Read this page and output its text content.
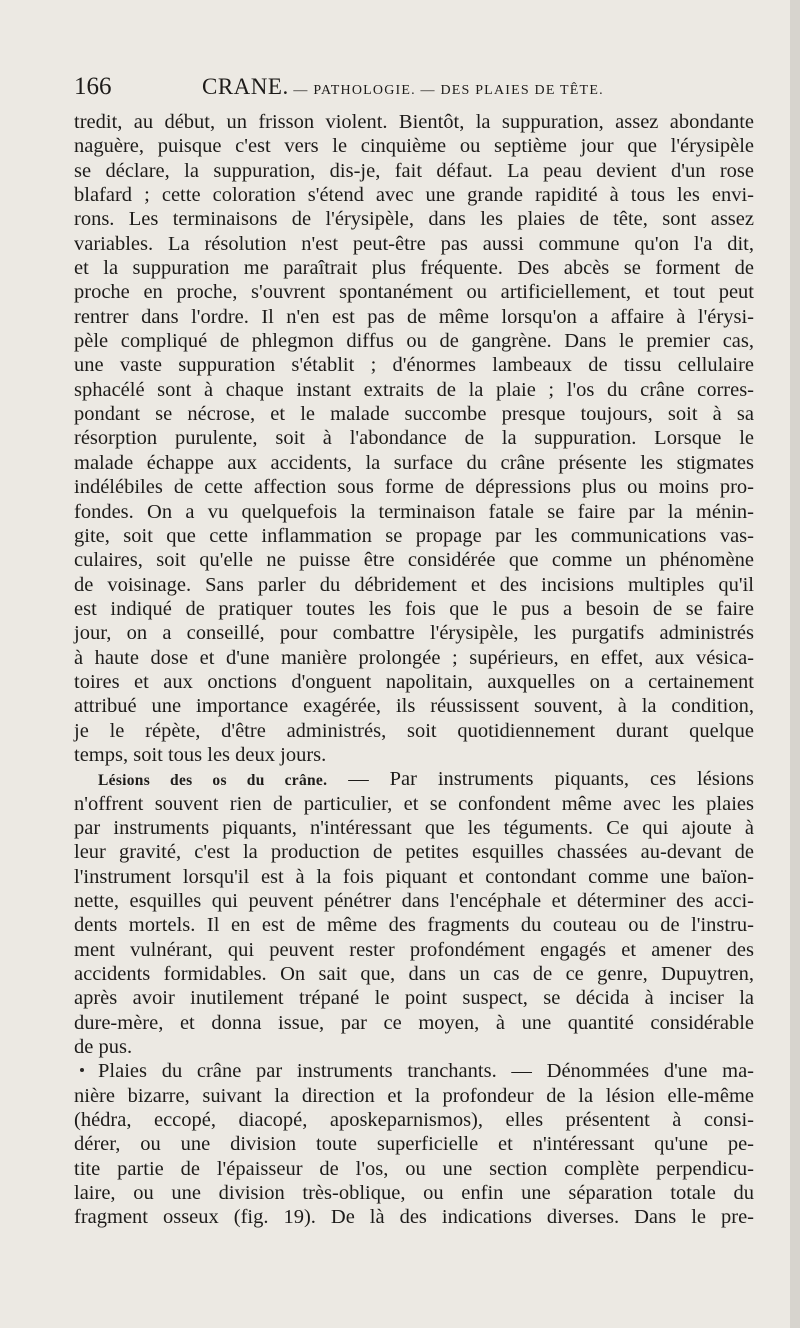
166	CRANE. — PATHOLOGIE. — DES PLAIES DE TÊTE.
tredit, au début, un frisson violent. Bientôt, la suppuration, assez abondante
naguère, puisque c'est vers le cinquième ou septième jour que l'érysipèle
se déclare, la suppuration, dis-je, fait défaut. La peau devient d'un rose
blafard ; cette coloration s'étend avec une grande rapidité à tous les envi-
rons. Les terminaisons de l'érysipèle, dans les plaies de tête, sont assez
variables. La résolution n'est peut-être pas aussi commune qu'on l'a dit,
et la suppuration me paraîtrait plus fréquente. Des abcès se forment de
proche en proche, s'ouvrent spontanément ou artificiellement, et tout peut
rentrer dans l'ordre. Il n'en est pas de même lorsqu'on a affaire à l'érysi-
pèle compliqué de phlegmon diffus ou de gangrène. Dans le premier cas,
une vaste suppuration s'établit ; d'énormes lambeaux de tissu cellulaire
sphacélé sont à chaque instant extraits de la plaie ; l'os du crâne corres-
pondant se nécrose, et le malade succombe presque toujours, soit à sa
résorption purulente, soit à l'abondance de la suppuration. Lorsque le
malade échappe aux accidents, la surface du crâne présente les stigmates
indélébiles de cette affection sous forme de dépressions plus ou moins pro-
fondes. On a vu quelquefois la terminaison fatale se faire par la ménin-
gite, soit que cette inflammation se propage par les communications vas-
culaires, soit qu'elle ne puisse être considérée que comme un phénomène
de voisinage. Sans parler du débridement et des incisions multiples qu'il
est indiqué de pratiquer toutes les fois que le pus a besoin de se faire
jour, on a conseillé, pour combattre l'érysipèle, les purgatifs administrés
à haute dose et d'une manière prolongée ; supérieurs, en effet, aux vésica-
toires et aux onctions d'onguent napolitain, auxquelles on a certainement
attribué une importance exagérée, ils réussissent souvent, à la condition,
je le répète, d'être administrés, soit quotidiennement durant quelque
temps, soit tous les deux jours.
Lésions des os du crâne. — Par instruments piquants, ces lésions
n'offrent souvent rien de particulier, et se confondent même avec les plaies
par instruments piquants, n'intéressant que les téguments. Ce qui ajoute à
leur gravité, c'est la production de petites esquilles chassées au-devant de
l'instrument lorsqu'il est à la fois piquant et contondant comme une baïon-
nette, esquilles qui peuvent pénétrer dans l'encéphale et déterminer des acci-
dents mortels. Il en est de même des fragments du couteau ou de l'instru-
ment vulnérant, qui peuvent rester profondément engagés et amener des
accidents formidables. On sait que, dans un cas de ce genre, Dupuytren,
après avoir inutilement trépané le point suspect, se décida à inciser la
dure-mère, et donna issue, par ce moyen, à une quantité considérable
de pus.
Plaies du crâne par instruments tranchants. — Dénommées d'une ma-
nière bizarre, suivant la direction et la profondeur de la lésion elle-même
(hédra, eccopé, diacopé, aposkeparnismos), elles présentent à consi-
dérer, ou une division toute superficielle et n'intéressant qu'une pe-
tite partie de l'épaisseur de l'os, ou une section complète perpendicu-
laire, ou une division très-oblique, ou enfin une séparation totale du
fragment osseux (fig. 19). De là des indications diverses. Dans le pre-
